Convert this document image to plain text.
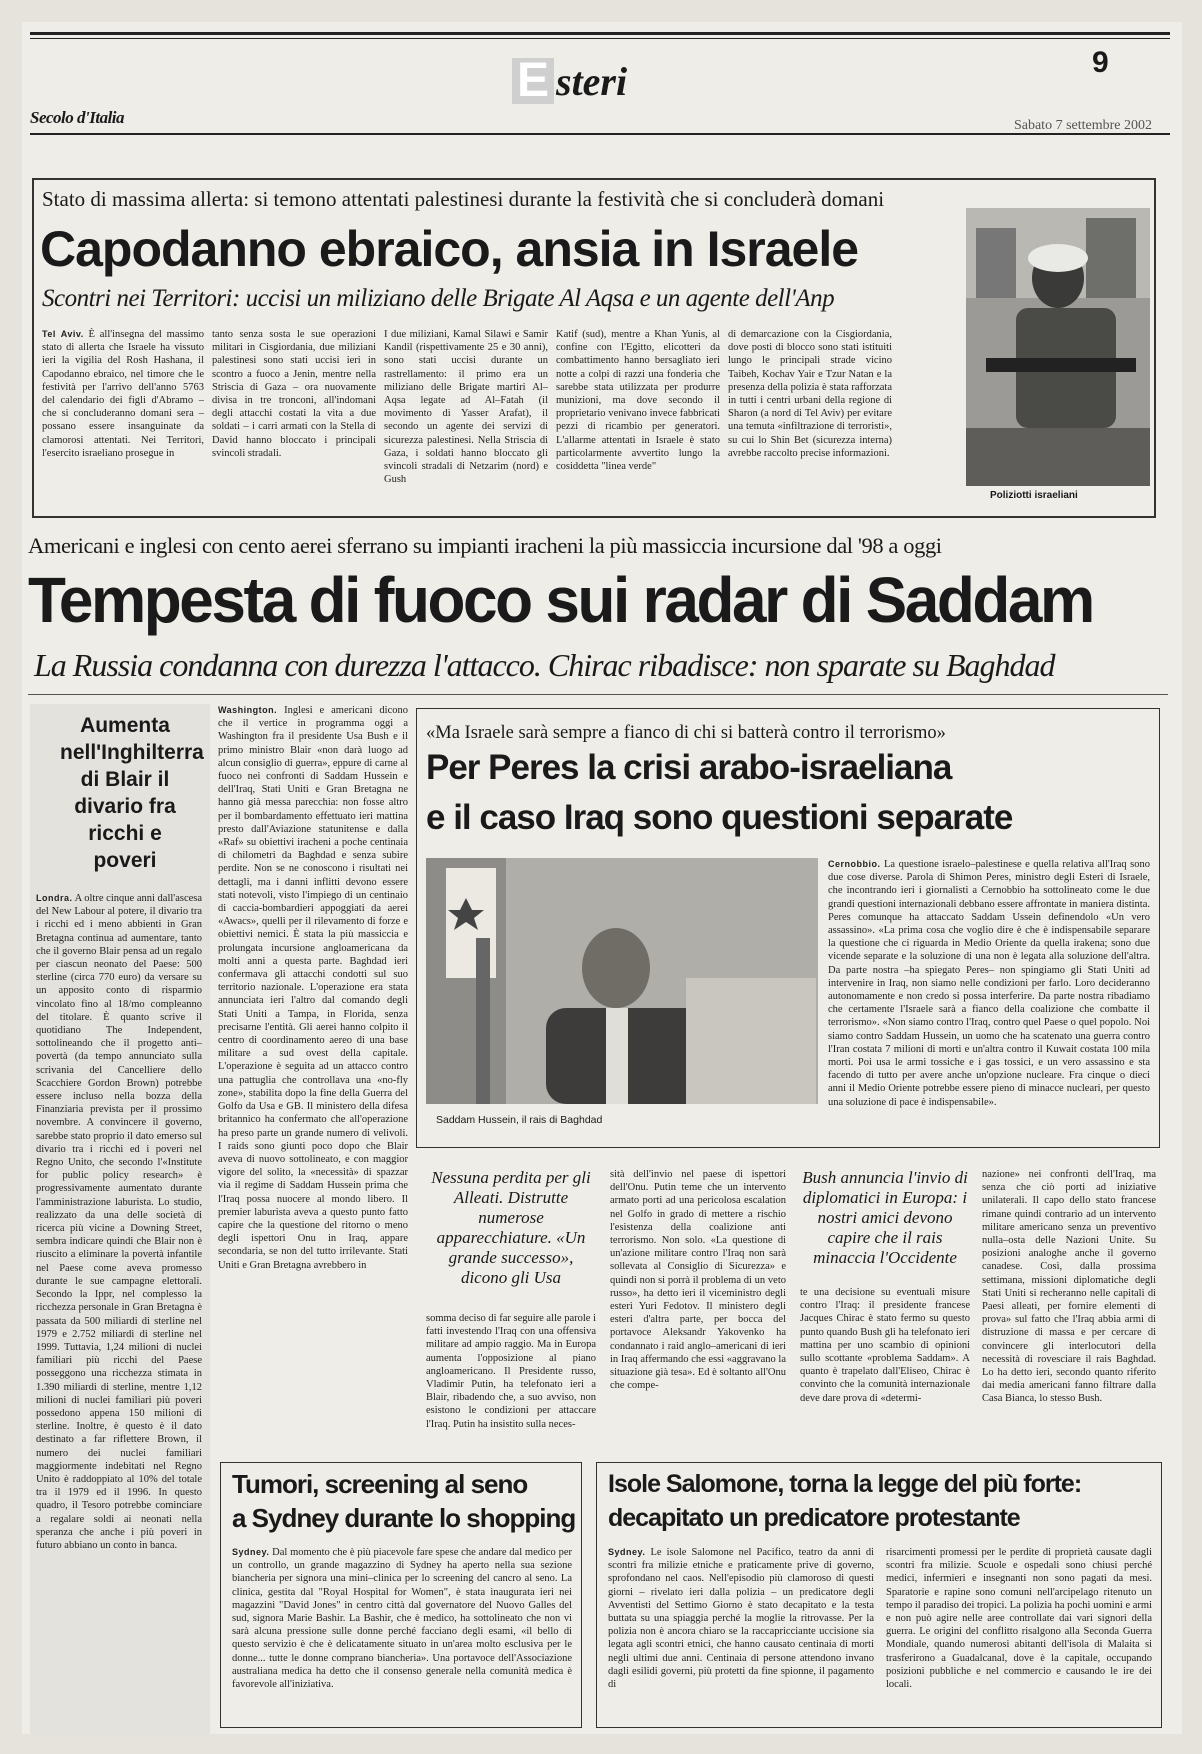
E steri	9
Secolo d'Italia	Sabato 7 settembre 2002
Stato di massima allerta: si temono attentati palestinesi durante la festività che si concluderà domani
Capodanno ebraico, ansia in Israele
Scontri nei Territori: uccisi un miliziano delle Brigate Al Aqsa e un agente dell'Anp
Tel Aviv. È all'insegna del massimo stato di allerta che Israele ha vissuto ieri la vigilia del Rosh Hashana, il Capodanno ebraico, nel timore che le festività per l'arrivo dell'anno 5763 del calendario dei figli d'Abramo – che si concluderanno domani sera – possano essere insanguinate da clamorosi attentati. Nei Territori, l'esercito israeliano prosegue in
tanto senza sosta le sue operazioni militari in Cisgiordania, due miliziani palestinesi sono stati uccisi ieri in scontro a fuoco a Jenin, mentre nella Striscia di Gaza – ora nuovamente divisa in tre tronconi, all'indomani degli attacchi costati la vita a due soldati – i carri armati con la Stella di David hanno bloccato i principali svincoli stradali.
I due miliziani, Kamal Silawi e Samir Kandil (rispettivamente 25 e 30 anni), sono stati uccisi durante un rastrellamento: il primo era un miliziano delle Brigate martiri Al–Aqsa legate ad Al–Fatah (il movimento di Yasser Arafat), il secondo un agente dei servizi di sicurezza palestinesi. Nella Striscia di Gaza, i soldati hanno bloccato gli svincoli stradali di Netzarim (nord) e Gush
Katif (sud), mentre a Khan Yunis, al confine con l'Egitto, elicotteri da combattimento hanno bersagliato ieri notte a colpi di razzi una fonderia che sarebbe stata utilizzata per produrre munizioni, ma dove secondo il proprietario venivano invece fabbricati pezzi di ricambio per generatori. L'allarme attentati in Israele è stato particolarmente avvertito lungo la cosiddetta "linea verde"
di demarcazione con la Cisgiordania, dove posti di blocco sono stati istituiti lungo le principali strade vicino Taibeh, Kochav Yair e Tzur Natan e la presenza della polizia è stata rafforzata in tutti i centri urbani della regione di Sharon (a nord di Tel Aviv) per evitare una temuta «infiltrazione di terroristi», su cui lo Shin Bet (sicurezza interna) avrebbe raccolto precise informazioni.
Poliziotti israeliani
Americani e inglesi con cento aerei sferrano su impianti iracheni la più massiccia incursione dal '98 a oggi
Tempesta di fuoco sui radar di Saddam
La Russia condanna con durezza l'attacco. Chirac ribadisce: non sparate su Baghdad
Aumenta nell'Inghilterra di Blair il divario fra ricchi e poveri
Londra. A oltre cinque anni dall'ascesa del New Labour al potere, il divario tra i ricchi ed i meno abbienti in Gran Bretagna continua ad aumentare, tanto che il governo Blair pensa ad un regalo per ciascun neonato del Paese: 500 sterline (circa 770 euro) da versare su un apposito conto di risparmio vincolato fino al 18/mo compleanno del titolare. È quanto scrive il quotidiano The Independent, sottolineando che il progetto anti–povertà (da tempo annunciato sulla scrivania del Cancelliere dello Scacchiere Gordon Brown) potrebbe essere incluso nella bozza della Finanziaria prevista per il prossimo novembre. A convincere il governo, sarebbe stato proprio il dato emerso sul divario tra i ricchi ed i poveri nel Regno Unito, che secondo l'«Institute for public policy research» è progressivamente aumentato durante l'amministrazione laburista. Lo studio, realizzato da una delle società di ricerca più vicine a Downing Street, sembra indicare quindi che Blair non è riuscito a eliminare la povertà infantile nel Paese come aveva promesso durante le sue campagne elettorali. Secondo la Ippr, nel complesso la ricchezza personale in Gran Bretagna è passata da 500 miliardi di sterline nel 1979 e 2.752 miliardi di sterline nel 1999. Tuttavia, 1,24 milioni di nuclei familiari più ricchi del Paese posseggono una ricchezza stimata in 1.390 miliardi di sterline, mentre 1,12 milioni di nuclei familiari più poveri possedono appena 150 milioni di sterline. Inoltre, è questo è il dato destinato a far riflettere Brown, il numero dei nuclei familiari maggiormente indebitati nel Regno Unito è raddoppiato al 10% del totale tra il 1979 ed il 1996. In questo quadro, il Tesoro potrebbe cominciare a regalare soldi ai neonati nella speranza che anche i più poveri in futuro abbiano un conto in banca.
Washington. Inglesi e americani dicono che il vertice in programma oggi a Washington fra il presidente Usa Bush e il primo ministro Blair «non darà luogo ad alcun consiglio di guerra», eppure di carne al fuoco nei confronti di Saddam Hussein e dell'Iraq, Stati Uniti e Gran Bretagna ne hanno già messa parecchia: non fosse altro per il bombardamento effettuato ieri mattina presto dall'Aviazione statunitense e dalla «Raf» su obiettivi iracheni a poche centinaia di chilometri da Baghdad e senza subire perdite. Non se ne conoscono i risultati nei dettagli, ma i danni inflitti devono essere stati notevoli, visto l'impiego di un centinaio di caccia-bombardieri appoggiati da aerei «Awacs», quelli per il rilevamento di forze e obiettivi nemici. È stata la più massiccia e prolungata incursione angloamericana da molti anni a questa parte. Baghdad ieri confermava gli attacchi condotti sul suo territorio nazionale. L'operazione era stata annunciata ieri l'altro dal comando degli Stati Uniti a Tampa, in Florida, senza precisarne l'entità. Gli aerei hanno colpito il centro di coordinamento aereo di una base militare a sud ovest della capitale. L'operazione è seguita ad un attacco contro una pattuglia che controllava una «no-fly zone», stabilita dopo la fine della Guerra del Golfo da Usa e GB. Il ministero della difesa britannico ha confermato che all'operazione ha preso parte un grande numero di velivoli. I raids sono giunti poco dopo che Blair aveva di nuovo sottolineato, e con maggior vigore del solito, la «necessità» di spazzar via il regime di Saddam Hussein prima che l'Iraq possa nuocere al mondo libero. Il premier laburista aveva a questo punto fatto capire che la questione del ritorno o meno degli ispettori Onu in Iraq, appare secondaria, se non del tutto irrilevante. Stati Uniti e Gran Bretagna avrebbero in
«Ma Israele sarà sempre a fianco di chi si batterà contro il terrorismo»
Per Peres la crisi arabo-israeliana
e il caso Iraq sono questioni separate
Saddam Hussein, il rais di Baghdad
Cernobbio. La questione israelo–palestinese e quella relativa all'Iraq sono due cose diverse. Parola di Shimon Peres, ministro degli Esteri di Israele, che incontrando ieri i giornalisti a Cernobbio ha sottolineato come le due grandi questioni internazionali debbano essere affrontate in maniera distinta. Peres comunque ha attaccato Saddam Ussein definendolo «Un vero assassino». «La prima cosa che voglio dire è che è indispensabile separare la questione che ci riguarda in Medio Oriente da quella irakena; sono due vicende separate e la soluzione di una non è legata alla soluzione dell'altra. Da parte nostra –ha spiegato Peres– non spingiamo gli Stati Uniti ad intervenire in Iraq, non siamo nelle condizioni per farlo. Loro decideranno autonomamente e non credo si possa interferire. Da parte nostra ribadiamo che certamente l'Israele sarà a fianco della coalizione che combatte il terrorismo». «Non siamo contro l'Iraq, contro quel Paese o quel popolo. Noi siamo contro Saddam Hussein, un uomo che ha scatenato una guerra contro l'Iran costata 7 milioni di morti e un'altra contro il Kuwait costata 100 mila morti. Poi usa le armi tossiche e i gas tossici, e un vero assassino e sta facendo di tutto per avere anche un'opzione nucleare. Fra cinque o dieci anni il Medio Oriente potrebbe essere pieno di minacce nucleari, per questo una soluzione di pace è indispensabile».
Nessuna perdita per gli Alleati. Distrutte numerose apparecchiature. «Un grande successo», dicono gli Usa
somma deciso di far seguire alle parole i fatti investendo l'Iraq con una offensiva militare ad ampio raggio. Ma in Europa aumenta l'opposizione al piano angloamericano. Il Presidente russo, Vladimir Putin, ha telefonato ieri a Blair, ribadendo che, a suo avviso, non esistono le condizioni per attaccare l'Iraq. Putin ha insistito sulla neces-
sità dell'invio nel paese di ispettori dell'Onu. Putin teme che un intervento armato porti ad una pericolosa escalation nel Golfo in grado di mettere a rischio l'esistenza della coalizione anti terrorismo. Non solo. «La questione di un'azione militare contro l'Iraq non sarà sollevata al Consiglio di Sicurezza» e quindi non si porrà il problema di un veto russo», ha detto ieri il viceministro degli esteri Yuri Fedotov. Il ministero degli esteri d'altra parte, per bocca del portavoce Aleksandr Yakovenko ha condannato i raid anglo–americani di ieri in Iraq affermando che essi «aggravano la situazione già tesa». Ed è soltanto all'Onu che compe-
Bush annuncia l'invio di diplomatici in Europa: i nostri amici devono capire che il rais minaccia l'Occidente
te una decisione su eventuali misure contro l'Iraq: il presidente francese Jacques Chirac è stato fermo su questo punto quando Bush gli ha telefonato ieri mattina per uno scambio di opinioni sullo scottante «problema Saddam». A quanto è trapelato dall'Eliseo, Chirac è convinto che la comunità internazionale deve dare prova di «determi-
nazione» nei confronti dell'Iraq, ma senza che ciò porti ad iniziative unilaterali. Il capo dello stato francese rimane quindi contrario ad un intervento militare americano senza un preventivo nulla–osta delle Nazioni Unite. Su posizioni analoghe anche il governo canadese. Così, dalla prossima settimana, missioni diplomatiche degli Stati Uniti si recheranno nelle capitali di Paesi alleati, per fornire elementi di prova» sul fatto che l'Iraq abbia armi di distruzione di massa e per cercare di convincere gli interlocutori della necessità di rovesciare il rais Baghdad. Lo ha detto ieri, secondo quanto riferito dai media americani fanno filtrare dalla Casa Bianca, lo stesso Bush.
Tumori, screening al seno
a Sydney durante lo shopping
Sydney. Dal momento che è più piacevole fare spese che andare dal medico per un controllo, un grande magazzino di Sydney ha aperto nella sua sezione biancheria per signora una mini–clinica per lo screening del cancro al seno. La clinica, gestita dal "Royal Hospital for Women", è stata inaugurata ieri nei magazzini "David Jones" in centro città dal governatore del Nuovo Galles del sud, signora Marie Bashir. La Bashir, che è medico, ha sottolineato che non vi sarà alcuna pressione sulle donne perché facciano degli esami, «il bello di questo servizio è che è delicatamente situato in un'area molto esclusiva per le donne... tutte le donne comprano biancheria». Una portavoce dell'Associazione australiana medica ha detto che il consenso generale nella comunità medica è favorevole all'iniziativa.
Isole Salomone, torna la legge del più forte:
decapitato un predicatore protestante
Sydney. Le isole Salomone nel Pacifico, teatro da anni di scontri fra milizie etniche e praticamente prive di governo, sprofondano nel caos. Nell'episodio più clamoroso di questi giorni – rivelato ieri dalla polizia – un predicatore degli Avventisti del Settimo Giorno è stato decapitato e la testa buttata su una spiaggia perché la moglie la ritrovasse. Per la polizia non è ancora chiaro se la raccapricciante uccisione sia legata agli scontri etnici, che hanno causato centinaia di morti negli ultimi due anni. Centinaia di persone attendono invano dagli esilidi governi, più protetti da fine spionne, il pagamento di
risarcimenti promessi per le perdite di proprietà causate dagli scontri fra milizie. Scuole e ospedali sono chiusi perché medici, infermieri e insegnanti non sono pagati da mesi. Sparatorie e rapine sono comuni nell'arcipelago ritenuto un tempo il paradiso dei tropici. La polizia ha pochi uomini e armi e non può agire nelle aree controllate dai vari signori della guerra. Le origini del conflitto risalgono alla Seconda Guerra Mondiale, quando numerosi abitanti dell'isola di Malaita si trasferirono a Guadalcanal, dove è la capitale, occupando posizioni pubbliche e nel commercio e causando le ire dei locali.
